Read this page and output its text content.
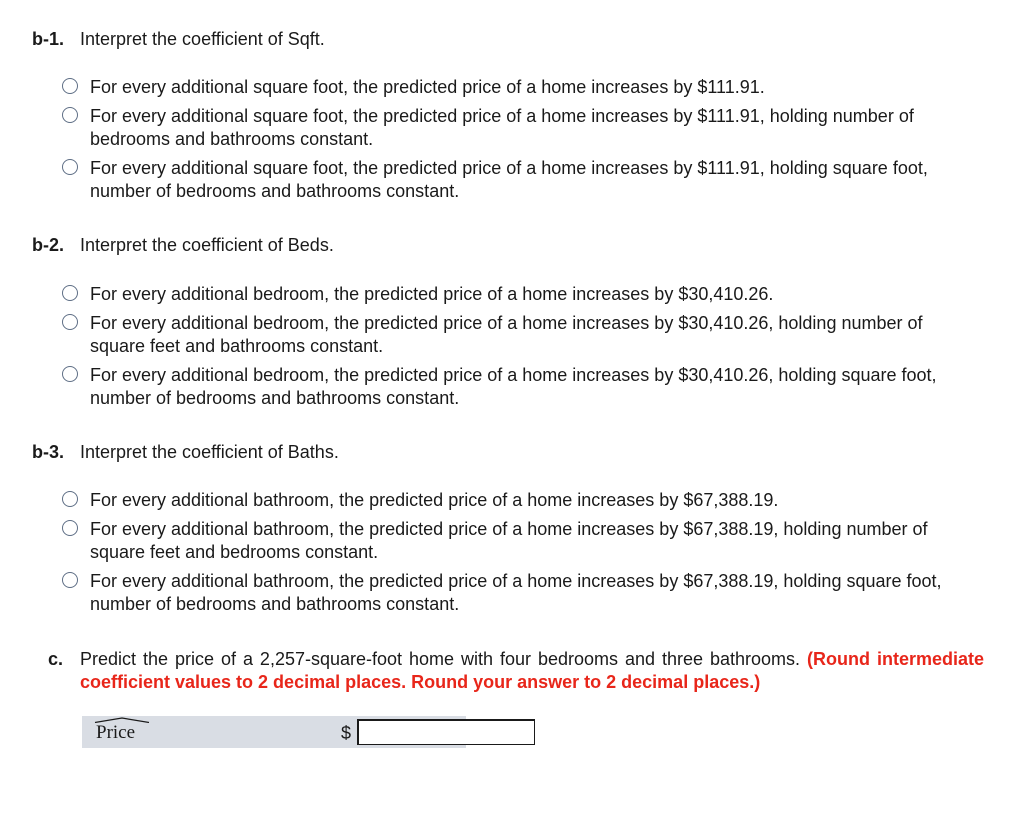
b-1. Interpret the coefficient of Sqft.
For every additional square foot, the predicted price of a home increases by $111.91.
For every additional square foot, the predicted price of a home increases by $111.91, holding number of bedrooms and bathrooms constant.
For every additional square foot, the predicted price of a home increases by $111.91, holding square foot, number of bedrooms and bathrooms constant.
b-2. Interpret the coefficient of Beds.
For every additional bedroom, the predicted price of a home increases by $30,410.26.
For every additional bedroom, the predicted price of a home increases by $30,410.26, holding number of square feet and bathrooms constant.
For every additional bedroom, the predicted price of a home increases by $30,410.26, holding square foot, number of bedrooms and bathrooms constant.
b-3. Interpret the coefficient of Baths.
For every additional bathroom, the predicted price of a home increases by $67,388.19.
For every additional bathroom, the predicted price of a home increases by $67,388.19, holding number of square feet and bedrooms constant.
For every additional bathroom, the predicted price of a home increases by $67,388.19, holding square foot, number of bedrooms and bathrooms constant.
c. Predict the price of a 2,257-square-foot home with four bedrooms and three bathrooms. (Round intermediate coefficient values to 2 decimal places. Round your answer to 2 decimal places.)
Price	$
